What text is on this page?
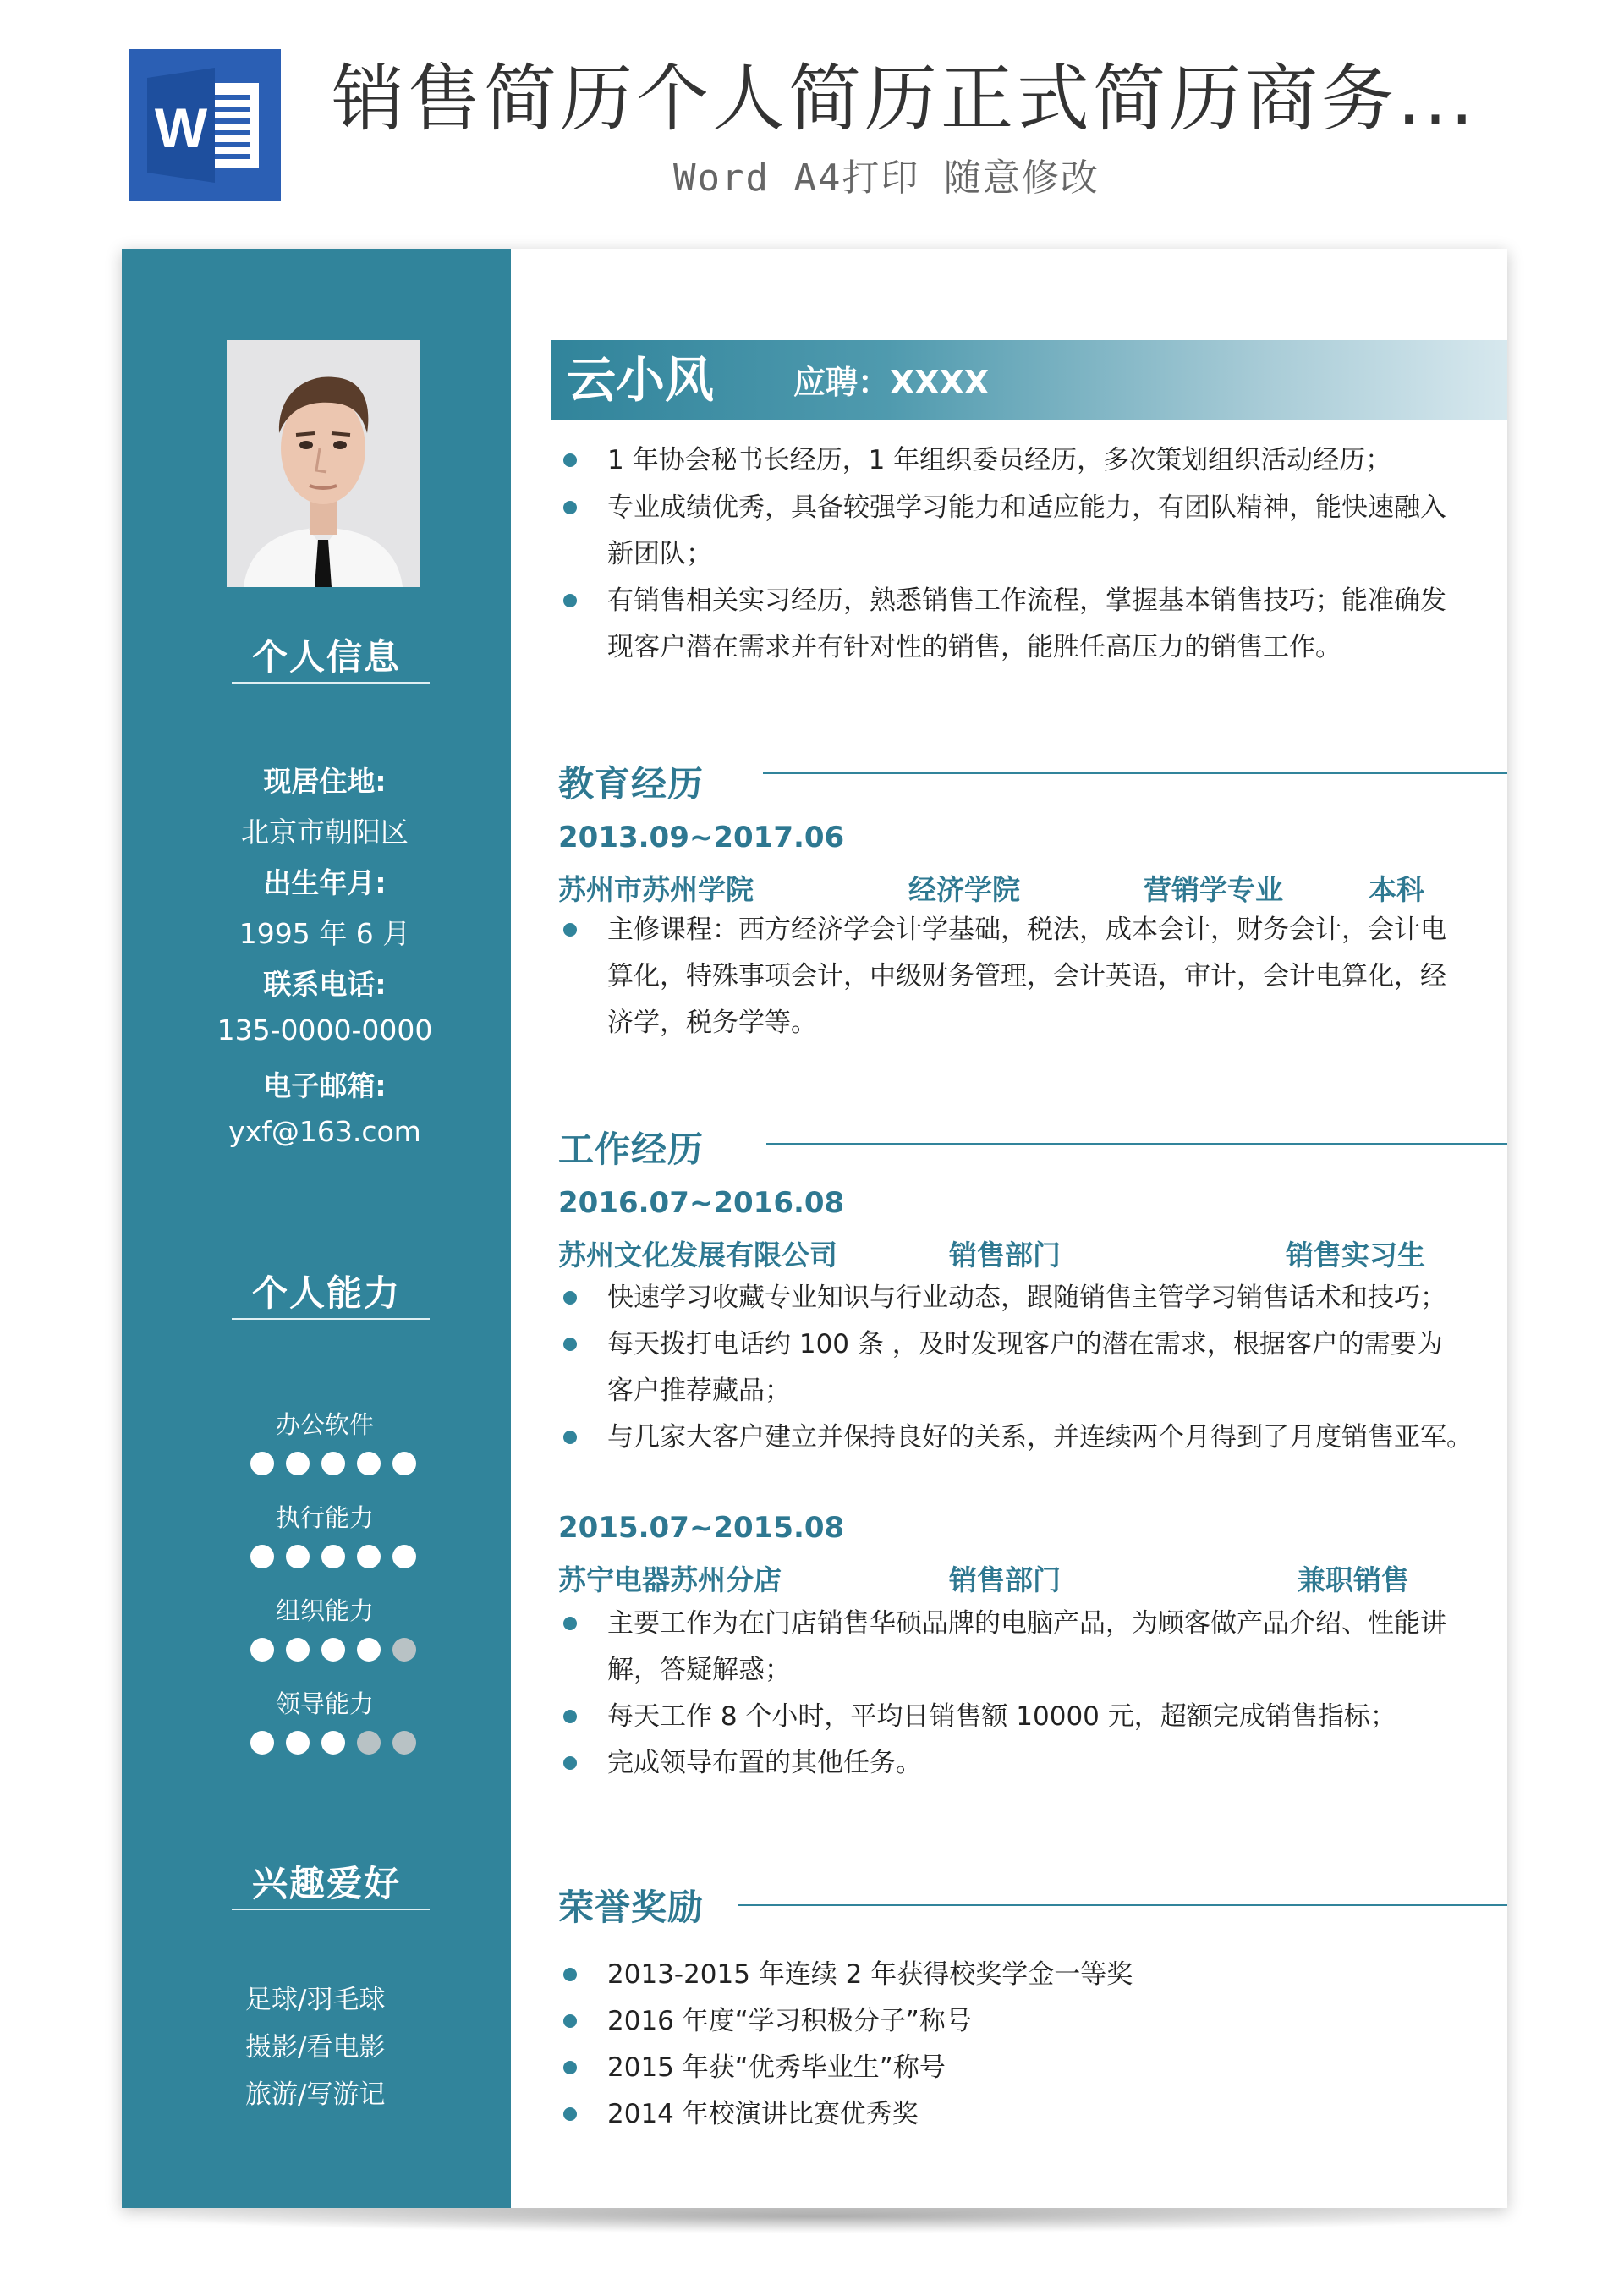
W 销售简历个人简历正式简历商务...
Word A4打印 随意修改
个人信息
现居住地:
北京市朝阳区
出生年月:
1995 年 6 月
联系电话:
135-0000-0000
电子邮箱:
yxf@163.com
个人能力
办公软件
执行能力
组织能力
领导能力
兴趣爱好
足球/羽毛球
摄影/看电影
旅游/写游记
云小风 应聘：XXXX
1 年协会秘书长经历，1 年组织委员经历，多次策划组织活动经历；
专业成绩优秀，具备较强学习能力和适应能力，有团队精神，能快速融入
新团队；
有销售相关实习经历，熟悉销售工作流程，掌握基本销售技巧；能准确发
现客户潜在需求并有针对性的销售，能胜任高压力的销售工作。
教育经历
2013.09~2017.06
苏州市苏州学院	经济学院	营销学专业	本科
主修课程：西方经济学会计学基础，税法，成本会计，财务会计，会计电
算化，特殊事项会计，中级财务管理，会计英语，审计，会计电算化，经
济学，税务学等。
工作经历
2016.07~2016.08
苏州文化发展有限公司	销售部门	销售实习生
快速学习收藏专业知识与行业动态，跟随销售主管学习销售话术和技巧；
每天拨打电话约 100 条 ，及时发现客户的潜在需求，根据客户的需要为
客户推荐藏品；
与几家大客户建立并保持良好的关系，并连续两个月得到了月度销售亚军。
2015.07~2015.08
苏宁电器苏州分店	销售部门	兼职销售
主要工作为在门店销售华硕品牌的电脑产品，为顾客做产品介绍、性能讲
解，答疑解惑；
每天工作 8 个小时，平均日销售额 10000 元，超额完成销售指标；
完成领导布置的其他任务。
荣誉奖励
2013-2015 年连续 2 年获得校奖学金一等奖
2016 年度“学习积极分子”称号
2015 年获“优秀毕业生”称号
2014 年校演讲比赛优秀奖
